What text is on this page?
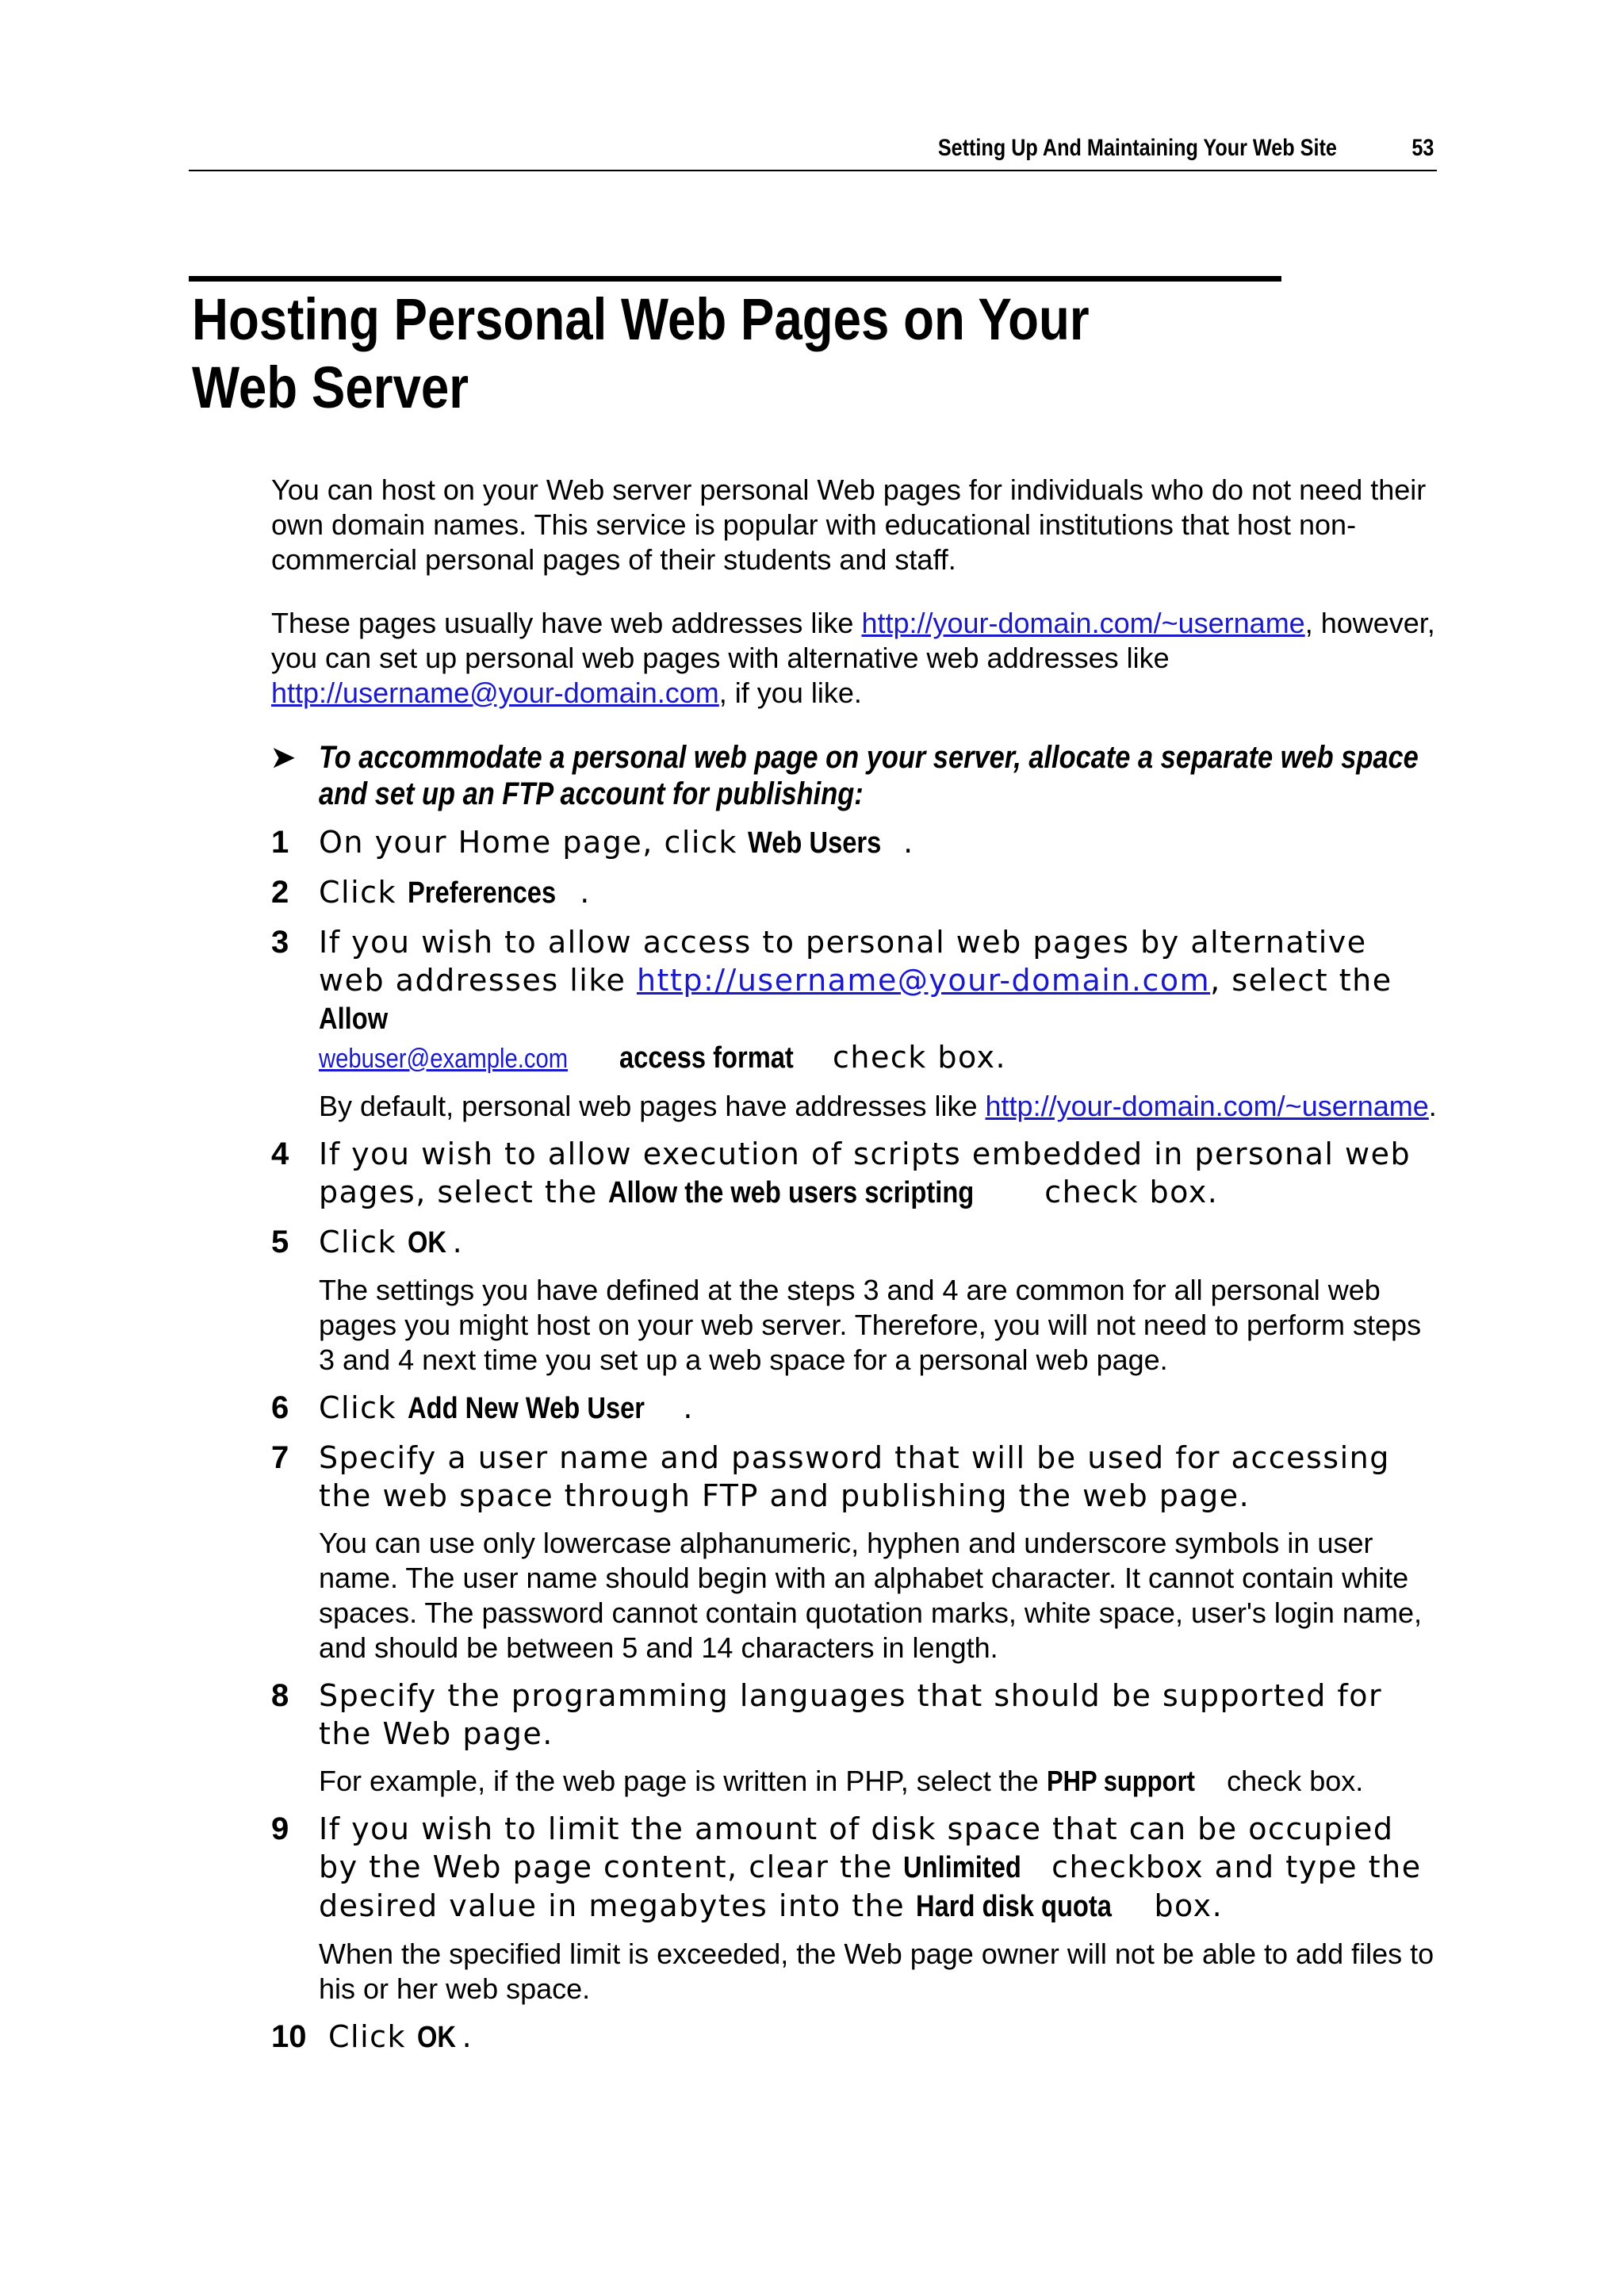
Setting Up And Maintaining Your Web Site	53
Hosting Personal Web Pages on Your Web Server

You can host on your Web server personal Web pages for individuals who do not need their own domain names. This service is popular with educational institutions that host non-commercial personal pages of their students and staff.

These pages usually have web addresses like http://your-domain.com/~username, however, you can set up personal web pages with alternative web addresses like http://username@your-domain.com, if you like.

➤ To accommodate a personal web page on your server, allocate a separate web space and set up an FTP account for publishing:
1 On your Home page, click Web Users .
2 Click Preferences .
3 If you wish to allow access to personal web pages by alternative web addresses like http://username@your-domain.com, select the Allow
webuser@example.com access format check box.

By default, personal web pages have addresses like http://your-domain.com/~username.

4 If you wish to allow execution of scripts embedded in personal web pages, select the Allow the web users scripting check box.
5 Click OK .

The settings you have defined at the steps 3 and 4 are common for all personal web pages you might host on your web server. Therefore, you will not need to perform steps 3 and 4 next time you set up a web space for a personal web page.

6 Click Add New Web User .
7 Specify a user name and password that will be used for accessing the web space through FTP and publishing the web page.

You can use only lowercase alphanumeric, hyphen and underscore symbols in user name. The user name should begin with an alphabet character. It cannot contain white spaces. The password cannot contain quotation marks, white space, user's login name, and should be between 5 and 14 characters in length.

8 Specify the programming languages that should be supported for the Web page.

For example, if the web page is written in PHP, select the PHP support check box.

9 If you wish to limit the amount of disk space that can be occupied by the Web page content, clear the Unlimited checkbox and type the desired value in megabytes into the Hard disk quota box.

When the specified limit is exceeded, the Web page owner will not be able to add files to his or her web space.

10 Click OK .
